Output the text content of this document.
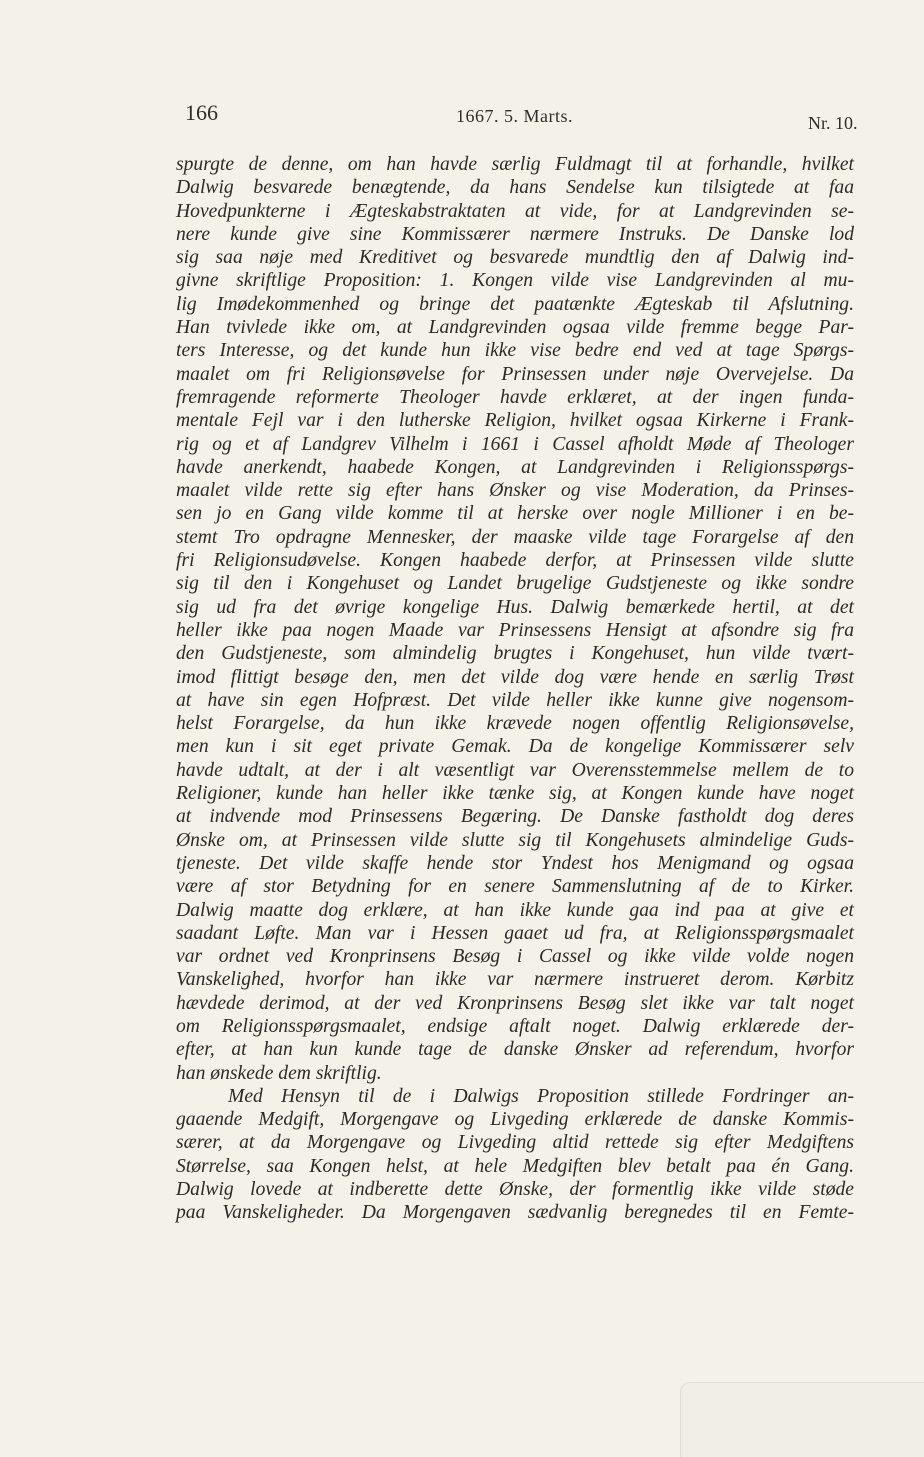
166	1667. 5. Marts.	Nr. 10.
spurgte de denne, om han havde særlig Fuldmagt til at forhandle, hvilket
Dalwig besvarede benægtende, da hans Sendelse kun tilsigtede at faa
Hovedpunkterne i Ægteskabstraktaten at vide, for at Landgrevinden se-
nere kunde give sine Kommissærer nærmere Instruks. De Danske lod
sig saa nøje med Kreditivet og besvarede mundtlig den af Dalwig ind-
givne skriftlige Proposition: 1. Kongen vilde vise Landgrevinden al mu-
lig Imødekommenhed og bringe det paatænkte Ægteskab til Afslutning.
Han tvivlede ikke om, at Landgrevinden ogsaa vilde fremme begge Par-
ters Interesse, og det kunde hun ikke vise bedre end ved at tage Spørgs-
maalet om fri Religionsøvelse for Prinsessen under nøje Overvejelse. Da
fremragende reformerte Theologer havde erklæret, at der ingen funda-
mentale Fejl var i den lutherske Religion, hvilket ogsaa Kirkerne i Frank-
rig og et af Landgrev Vilhelm i 1661 i Cassel afholdt Møde af Theologer
havde anerkendt, haabede Kongen, at Landgrevinden i Religionsspørgs-
maalet vilde rette sig efter hans Ønsker og vise Moderation, da Prinses-
sen jo en Gang vilde komme til at herske over nogle Millioner i en be-
stemt Tro opdragne Mennesker, der maaske vilde tage Forargelse af den
fri Religionsudøvelse. Kongen haabede derfor, at Prinsessen vilde slutte
sig til den i Kongehuset og Landet brugelige Gudstjeneste og ikke sondre
sig ud fra det øvrige kongelige Hus. Dalwig bemærkede hertil, at det
heller ikke paa nogen Maade var Prinsessens Hensigt at afsondre sig fra
den Gudstjeneste, som almindelig brugtes i Kongehuset, hun vilde tvært-
imod flittigt besøge den, men det vilde dog være hende en særlig Trøst
at have sin egen Hofpræst. Det vilde heller ikke kunne give nogensom-
helst Forargelse, da hun ikke krævede nogen offentlig Religionsøvelse,
men kun i sit eget private Gemak. Da de kongelige Kommissærer selv
havde udtalt, at der i alt væsentligt var Overensstemmelse mellem de to
Religioner, kunde han heller ikke tænke sig, at Kongen kunde have noget
at indvende mod Prinsessens Begæring. De Danske fastholdt dog deres
Ønske om, at Prinsessen vilde slutte sig til Kongehusets almindelige Guds-
tjeneste. Det vilde skaffe hende stor Yndest hos Menigmand og ogsaa
være af stor Betydning for en senere Sammenslutning af de to Kirker.
Dalwig maatte dog erklære, at han ikke kunde gaa ind paa at give et
saadant Løfte. Man var i Hessen gaaet ud fra, at Religionsspørgsmaalet
var ordnet ved Kronprinsens Besøg i Cassel og ikke vilde volde nogen
Vanskelighed, hvorfor han ikke var nærmere instrueret derom. Kørbitz
hævdede derimod, at der ved Kronprinsens Besøg slet ikke var talt noget
om Religionsspørgsmaalet, endsige aftalt noget. Dalwig erklærede der-
efter, at han kun kunde tage de danske Ønsker ad referendum, hvorfor
han ønskede dem skriftlig.
Med Hensyn til de i Dalwigs Proposition stillede Fordringer an-
gaaende Medgift, Morgengave og Livgeding erklærede de danske Kommis-
særer, at da Morgengave og Livgeding altid rettede sig efter Medgiftens
Størrelse, saa Kongen helst, at hele Medgiften blev betalt paa én Gang.
Dalwig lovede at indberette dette Ønske, der formentlig ikke vilde støde
paa Vanskeligheder. Da Morgengaven sædvanlig beregnedes til en Femte-
